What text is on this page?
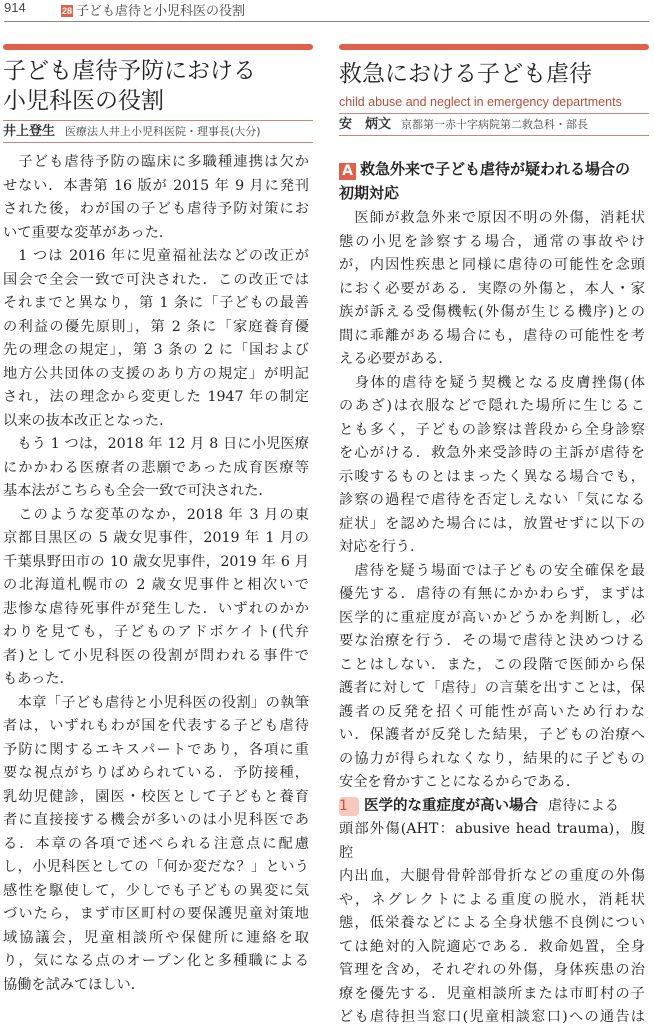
914	28 子ども虐待と小児科医の役割
子ども虐待予防における
小児科医の役割
井上登生 医療法人井上小児科医院・理事長(大分)
救急における子ども虐待
child abuse and neglect in emergency departments
安　炳文 京都第一赤十字病院第二救急科・部長
　子ども虐待予防の臨床に多職種連携は欠か
せない．本書第 16 版が 2015 年 9 月に発刊
された後，わが国の子ども虐待予防対策にお
いて重要な変革があった．
　1 つは 2016 年に児童福祉法などの改正が
国会で全会一致で可決された．この改正では
それまでと異なり，第 1 条に「子どもの最善
の利益の優先原則」，第 2 条に「家庭養育優
先の理念の規定」，第 3 条の 2 に「国および
地方公共団体の支援のあり方の規定」が明記
され，法の理念から変更した 1947 年の制定
以来の抜本改正となった．
　もう 1 つは，2018 年 12 月 8 日に小児医療
にかかわる医療者の悲願であった成育医療等
基本法がこちらも全会一致で可決された．
　このような変革のなか，2018 年 3 月の東
京都目黒区の 5 歳女児事件，2019 年 1 月の
千葉県野田市の 10 歳女児事件，2019 年 6 月
の北海道札幌市の 2 歳女児事件と相次いで
悲惨な虐待死事件が発生した．いずれのかか
わりを見ても，子どものアドボケイト(代弁
者)として小児科医の役割が問われる事件で
もあった．
　本章「子ども虐待と小児科医の役割」の執筆
者は，いずれもわが国を代表する子ども虐待
予防に関するエキスパートであり，各項に重
要な視点がちりばめられている．予防接種，
乳幼児健診，園医・校医として子どもと養育
者に直接接する機会が多いのは小児科医であ
る．本章の各項で述べられる注意点に配慮
し，小児科医としての「何か変だな？」という
感性を駆使して，少しでも子どもの異変に気
づいたら，まず市区町村の要保護児童対策地
域協議会，児童相談所や保健所に連絡を取
り，気になる点のオープン化と多種職による
協働を試みてほしい．
A 救急外来で子ども虐待が疑われる場合の
初期対応
　医師が救急外来で原因不明の外傷，消耗状
態の小児を診察する場合，通常の事故やけ
が，内因性疾患と同様に虐待の可能性を念頭
におく必要がある．実際の外傷と，本人・家
族が訴える受傷機転(外傷が生じる機序)との
間に乖離がある場合にも，虐待の可能性を考
える必要がある．
　身体的虐待を疑う契機となる皮膚挫傷(体
のあざ)は衣服などで隠れた場所に生じるこ
とも多く，子どもの診察は普段から全身診察
を心がける．救急外来受診時の主訴が虐待を
示唆するものとはまったく異なる場合でも，
診察の過程で虐待を否定しえない「気になる
症状」を認めた場合には，放置せずに以下の
対応を行う．
　虐待を疑う場面では子どもの安全確保を最
優先する．虐待の有無にかかわらず，まずは
医学的に重症度が高いかどうかを判断し，必
要な治療を行う．その場で虐待と決めつける
ことはしない．また，この段階で医師から保
護者に対して「虐待」の言葉を出すことは，保
護者の反発を招く可能性が高いため行わな
い．保護者が反発した結果，子どもの治療へ
の協力が得られなくなり，結果的に子どもの
安全を脅かすことになるからである．
1 医学的な重症度が高い場合 虐待による
頭部外傷(AHT：abusive head trauma)，腹腔
内出血，大腿骨骨幹部骨折などの重度の外傷
や，ネグレクトによる重度の脱水，消耗状
態，低栄養などによる全身状態不良例につい
ては絶対的入院適応である．救命処置，全身
管理を含め，それぞれの外傷，身体疾患の治
療を優先する．児童相談所または市町村の子
ども虐待担当窓口(児童相談窓口)への通告は
